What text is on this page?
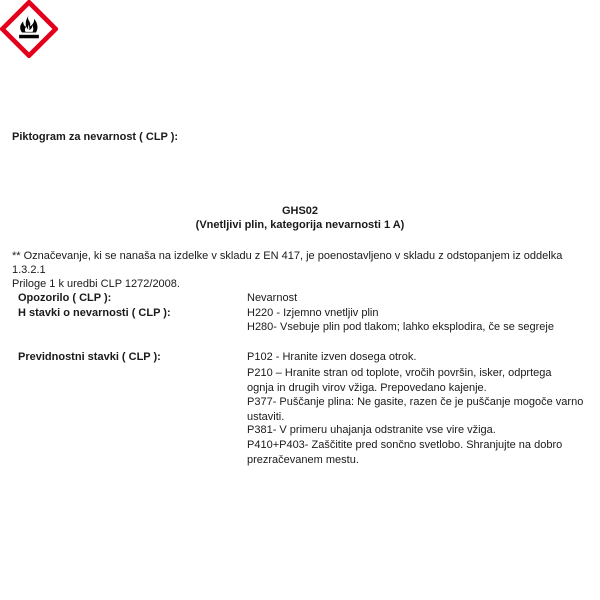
Piktogram za nevarnost ( CLP ):
GHS02
(Vnetljivi plin, kategorija nevarnosti 1 A)
** Označevanje, ki se nanaša na izdelke v skladu z EN 417, je poenostavljeno v skladu z odstopanjem iz oddelka 1.3.2.1
Priloge 1 k uredbi CLP 1272/2008.
Opozorilo ( CLP ):	Nevarnost
H stavki o nevarnosti ( CLP ):	H220 - Izjemno vnetljiv plin
H280- Vsebuje plin pod tlakom; lahko eksplodira, če se segreje
Previdnostni stavki ( CLP ):	P102 - Hranite izven dosega otrok.
P210 – Hranite stran od toplote, vročih površin, isker, odprtega
ognja in drugih virov vžiga. Prepovedano kajenje.
P377- Puščanje plina: Ne gasite, razen če je puščanje mogoče varno
ustaviti.
P381- V primeru uhajanja odstranite vse vire vžiga.
P410+P403- Zaščitite pred sončno svetlobo. Shranjujte na dobro
prezračevanem mestu.
